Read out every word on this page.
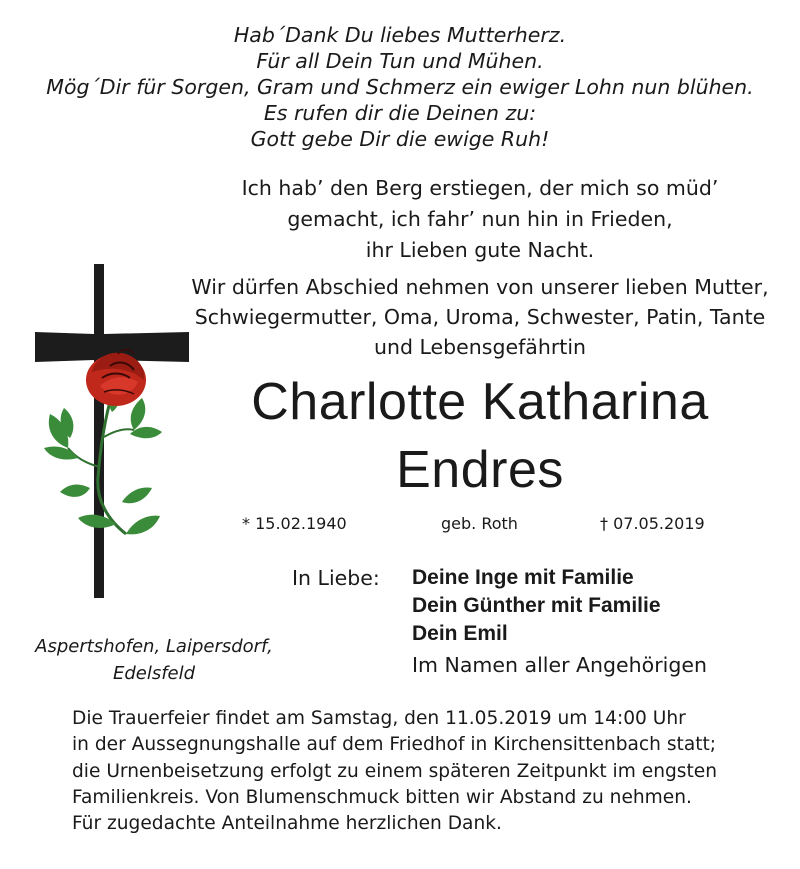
Hab´Dank Du liebes Mutterherz.
Für all Dein Tun und Mühen.
Mög´Dir für Sorgen, Gram und Schmerz ein ewiger Lohn nun blühen.
Es rufen dir die Deinen zu:
Gott gebe Dir die ewige Ruh!
Ich hab’ den Berg erstiegen, der mich so müd’
gemacht, ich fahr’ nun hin in Frieden,
ihr Lieben gute Nacht.
Wir dürfen Abschied nehmen von unserer lieben Mutter,
Schwiegermutter, Oma, Uroma, Schwester, Patin, Tante
und Lebensgefährtin
Charlotte Katharina
Endres
* 15.02.1940	geb. Roth	† 07.05.2019
In Liebe: Deine Inge mit Familie
Dein Günther mit Familie
Dein Emil
Im Namen aller Angehörigen
Aspertshofen, Laipersdorf,
Edelsfeld
Die Trauerfeier findet am Samstag, den 11.05.2019 um 14:00 Uhr
in der Aussegnungshalle auf dem Friedhof in Kirchensittenbach statt;
die Urnenbeisetzung erfolgt zu einem späteren Zeitpunkt im engsten
Familienkreis. Von Blumenschmuck bitten wir Abstand zu nehmen.
Für zugedachte Anteilnahme herzlichen Dank.
